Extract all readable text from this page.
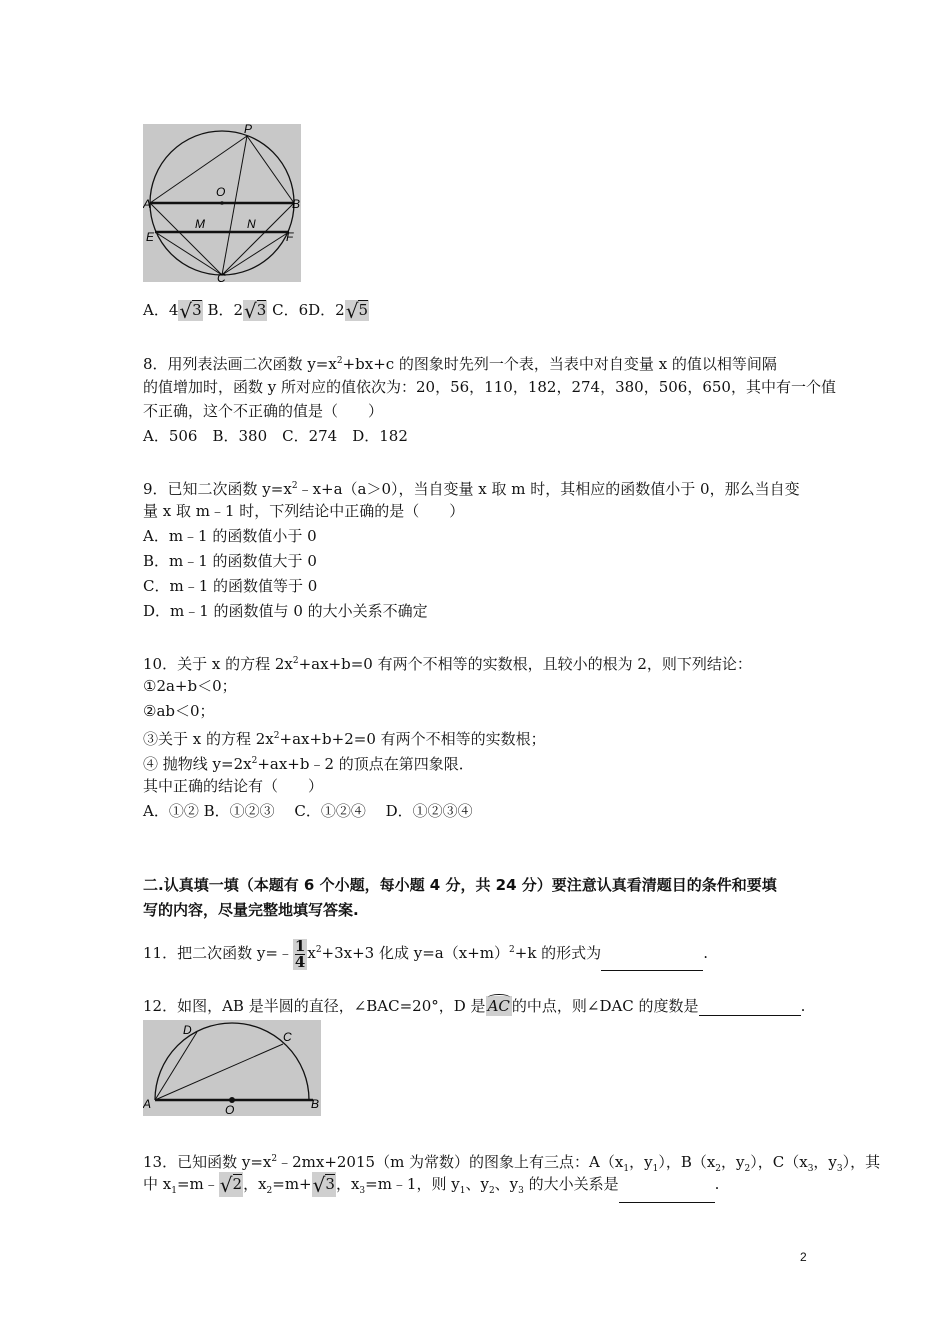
P
A
O
B
E
M	N
F
C
A．4√3 B．2√3 C．6D．2√5
8．用列表法画二次函数 $y=x^2+bx+c$ 的图象时先列一个表，当表中对自变量 x 的值以相等间隔
的值增加时，函数 y 所对应的值依次为：20，56，110，182，274，380，506，650，其中有一个值
不正确，这个不正确的值是（　　）
A．506　B．380　C．274　D．182
9．已知二次函数 $y=x^2﹣x+a(a>0)$，当自变量 x 取 m 时，其相应的函数值小于 0，那么当自变
量 x 取 m﹣1 时，下列结论中正确的是（　　）
A．m﹣1 的函数值小于 0
B．m﹣1 的函数值大于 0
C．m﹣1 的函数值等于 0
D．m﹣1 的函数值与 0 的大小关系不确定
10．关于 x 的方程 $2x^2+ax+b=0$ 有两个不相等的实数根，且较小的根为 2，则下列结论：
①2a+b＜0；
②ab＜0；
③关于 x 的方程 $2x^2+ax+b+2=0$ 有两个不相等的实数根；
④ 抛物线 $y=2x^2+ax+b﹣2$ 的顶点在第四象限．
其中正确的结论有（　　）
A．①② B．①②③　 C．①②④　 D．①②③④
二.认真填一填（本题有 6 个小题，每小题 4 分，共 24 分）要注意认真看清题目的条件和要填
写的内容，尽量完整地填写答案.
11．把二次函数 y=﹣ $\frac{1}{4} x^2+3x+3$ 化成 $y=a(x+m)^2+k$ 的形式为	.
12．如图，AB 是半圆的直径，∠BAC=20°，D 是 AC 的中点，则∠DAC 的度数是	.
D	C
A	O	B
13．已知函数 $y=x^2﹣2mx+2015(m$ 为常数）的图象上有三点：$A(x_1$，$y_1$），$B(x_2$，$y_2$），$C(x_3$，$y_3$），其
中 $x_1=m﹣√2$，$x_2=m+√3$，$x_3=m﹣1$，则 $y_1$、$y_2$、$y_3$ 的大小关系是	.
2
